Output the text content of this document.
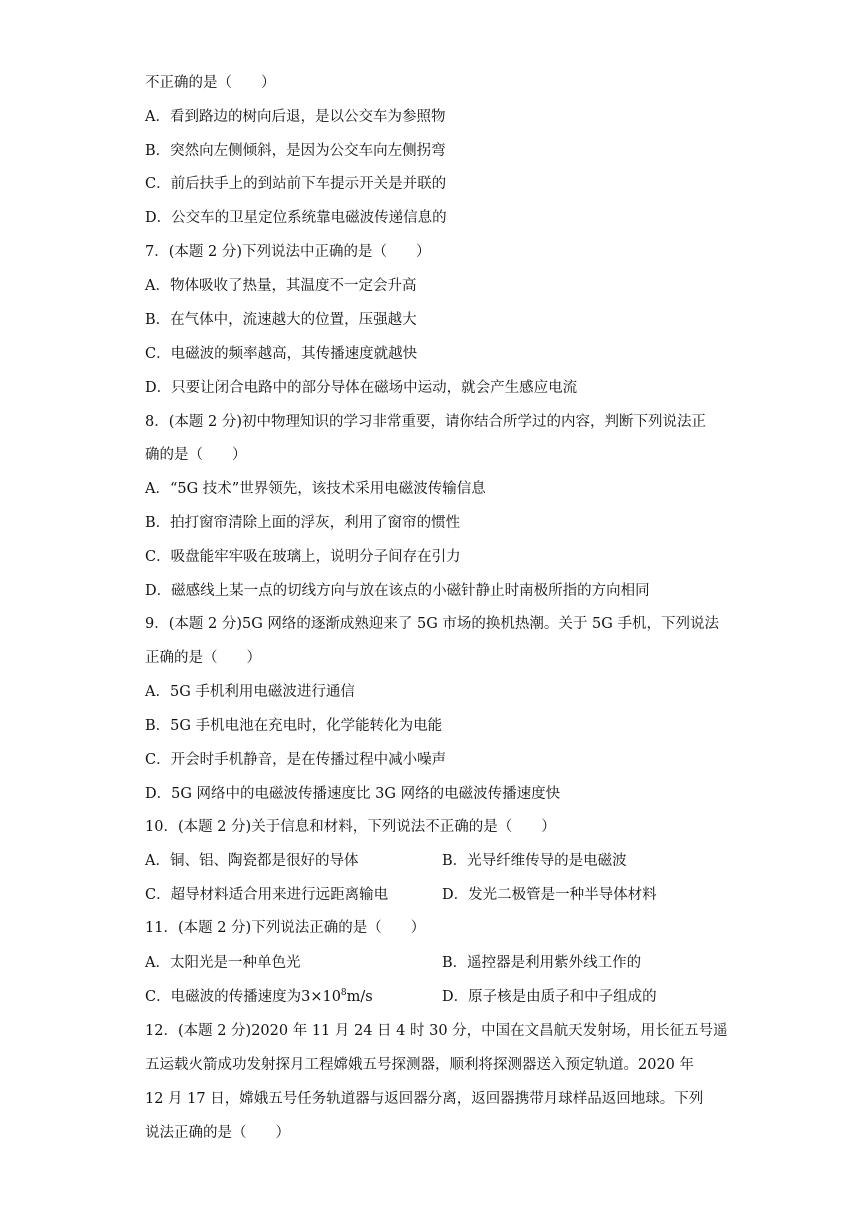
不正确的是（　　）
A．看到路边的树向后退，是以公交车为参照物
B．突然向左侧倾斜，是因为公交车向左侧拐弯
C．前后扶手上的到站前下车提示开关是并联的
D．公交车的卫星定位系统靠电磁波传递信息的
7．(本题 2 分)下列说法中正确的是（　　）
A．物体吸收了热量，其温度不一定会升高
B．在气体中，流速越大的位置，压强越大
C．电磁波的频率越高，其传播速度就越快
D．只要让闭合电路中的部分导体在磁场中运动，就会产生感应电流
8．(本题 2 分)初中物理知识的学习非常重要，请你结合所学过的内容，判断下列说法正
确的是（　　）
A．“5G 技术”世界领先，该技术采用电磁波传输信息
B．拍打窗帘清除上面的浮灰，利用了窗帘的惯性
C．吸盘能牢牢吸在玻璃上，说明分子间存在引力
D．磁感线上某一点的切线方向与放在该点的小磁针静止时南极所指的方向相同
9．(本题 2 分)5G 网络的逐渐成熟迎来了 5G 市场的换机热潮。关于 5G 手机，下列说法
正确的是（　　）
A．5G 手机利用电磁波进行通信
B．5G 手机电池在充电时，化学能转化为电能
C．开会时手机静音，是在传播过程中减小噪声
D．5G 网络中的电磁波传播速度比 3G 网络的电磁波传播速度快
10．(本题 2 分)关于信息和材料，下列说法不正确的是（　　）
A．铜、铝、陶瓷都是很好的导体	B．光导纤维传导的是电磁波
C．超导材料适合用来进行远距离输电	D．发光二极管是一种半导体材料
11．(本题 2 分)下列说法正确的是（　　）
A．太阳光是一种单色光	B．遥控器是利用紫外线工作的
C．电磁波的传播速度为$3\times 10^8m/s$	D．原子核是由质子和中子组成的
12．(本题 2 分)2020 年 11 月 24 日 4 时 30 分，中国在文昌航天发射场，用长征五号遥
五运载火箭成功发射探月工程嫦娥五号探测器，顺利将探测器送入预定轨道。2020 年
12 月 17 日，嫦娥五号任务轨道器与返回器分离，返回器携带月球样品返回地球。下列
说法正确的是（　　）
